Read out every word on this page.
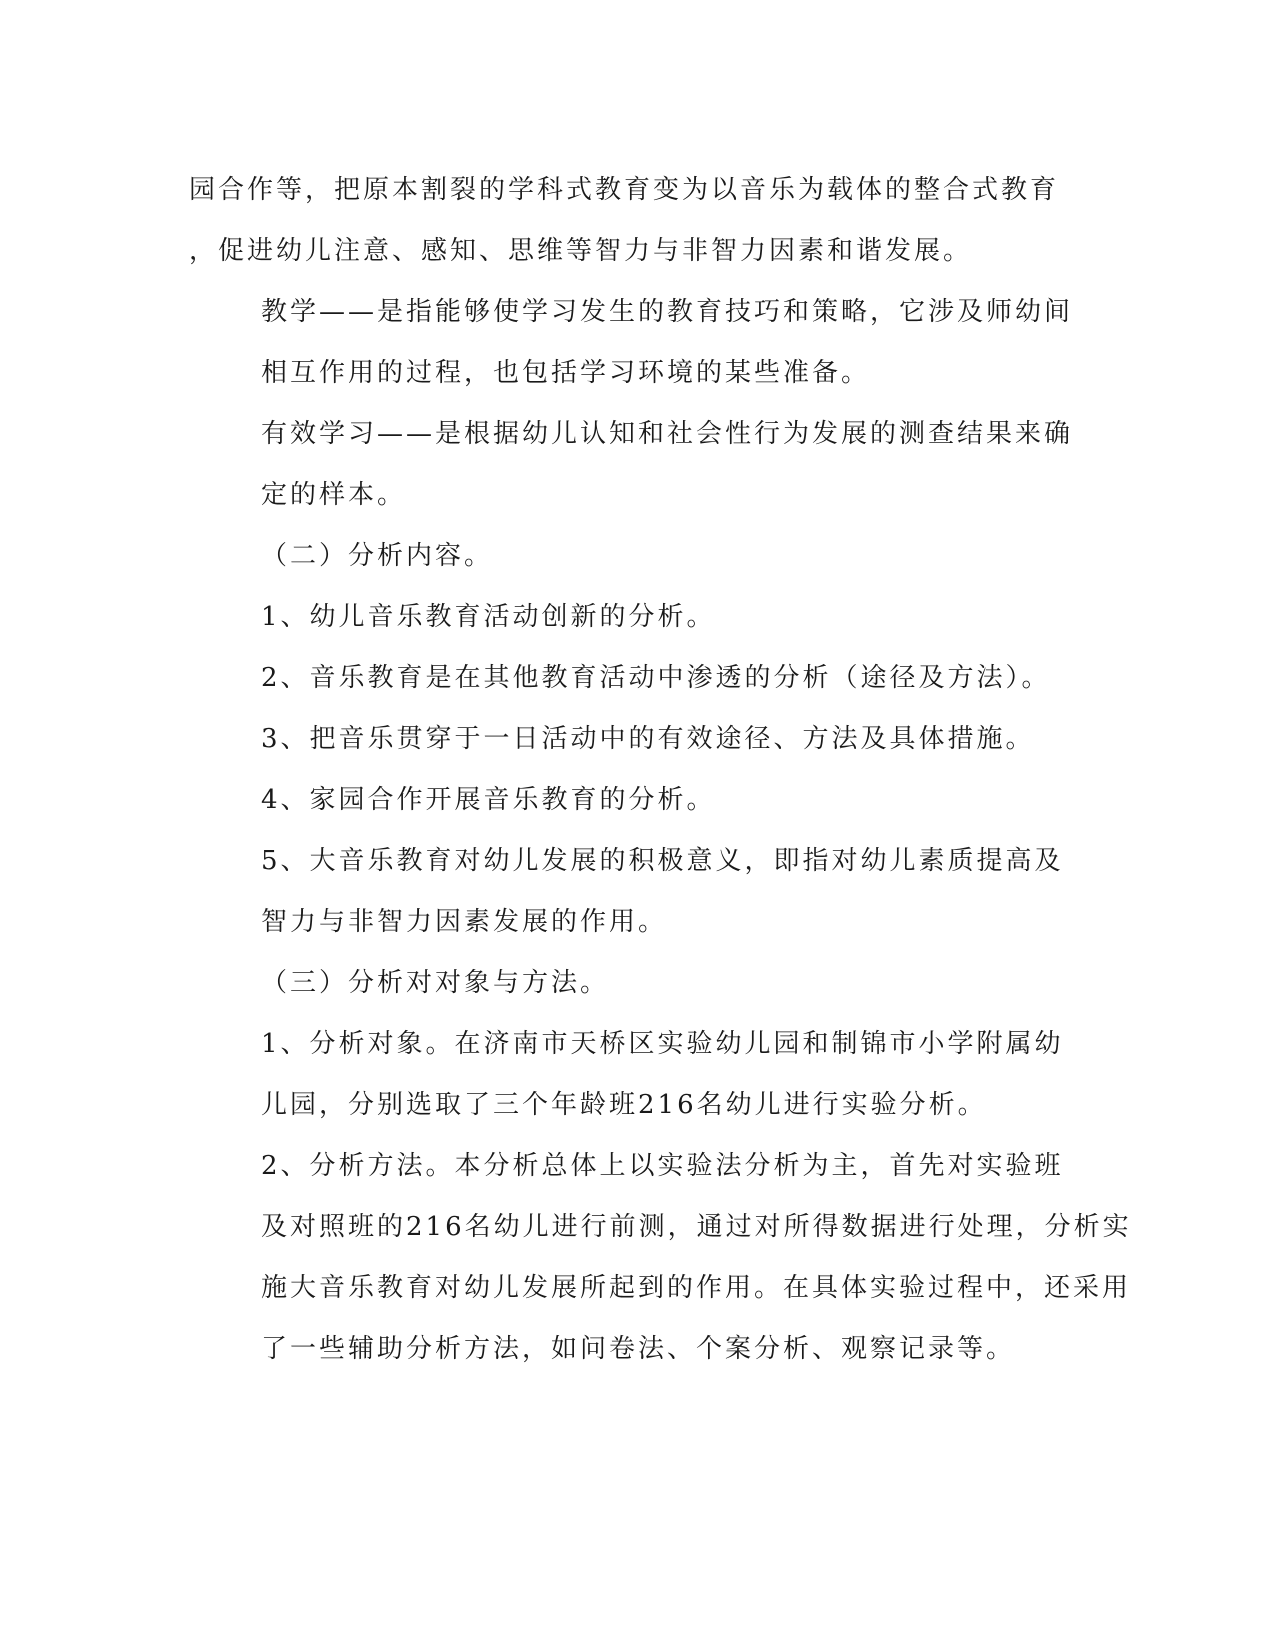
园合作等，把原本割裂的学科式教育变为以音乐为载体的整合式教育
，促进幼儿注意、感知、思维等智力与非智力因素和谐发展。

教学——是指能够使学习发生的教育技巧和策略，它涉及师幼间
相互作用的过程，也包括学习环境的某些准备。

有效学习——是根据幼儿认知和社会性行为发展的测查结果来确
定的样本。

（二）分析内容。

1、幼儿音乐教育活动创新的分析。

2、音乐教育是在其他教育活动中渗透的分析（途径及方法）。

3、把音乐贯穿于一日活动中的有效途径、方法及具体措施。

4、家园合作开展音乐教育的分析。

5、大音乐教育对幼儿发展的积极意义，即指对幼儿素质提高及
智力与非智力因素发展的作用。

（三）分析对对象与方法。

1、分析对象。在济南市天桥区实验幼儿园和制锦市小学附属幼
儿园，分别选取了三个年龄班216名幼儿进行实验分析。

2、分析方法。本分析总体上以实验法分析为主，首先对实验班
及对照班的216名幼儿进行前测，通过对所得数据进行处理，分析实
施大音乐教育对幼儿发展所起到的作用。在具体实验过程中，还采用
了一些辅助分析方法，如问卷法、个案分析、观察记录等。
